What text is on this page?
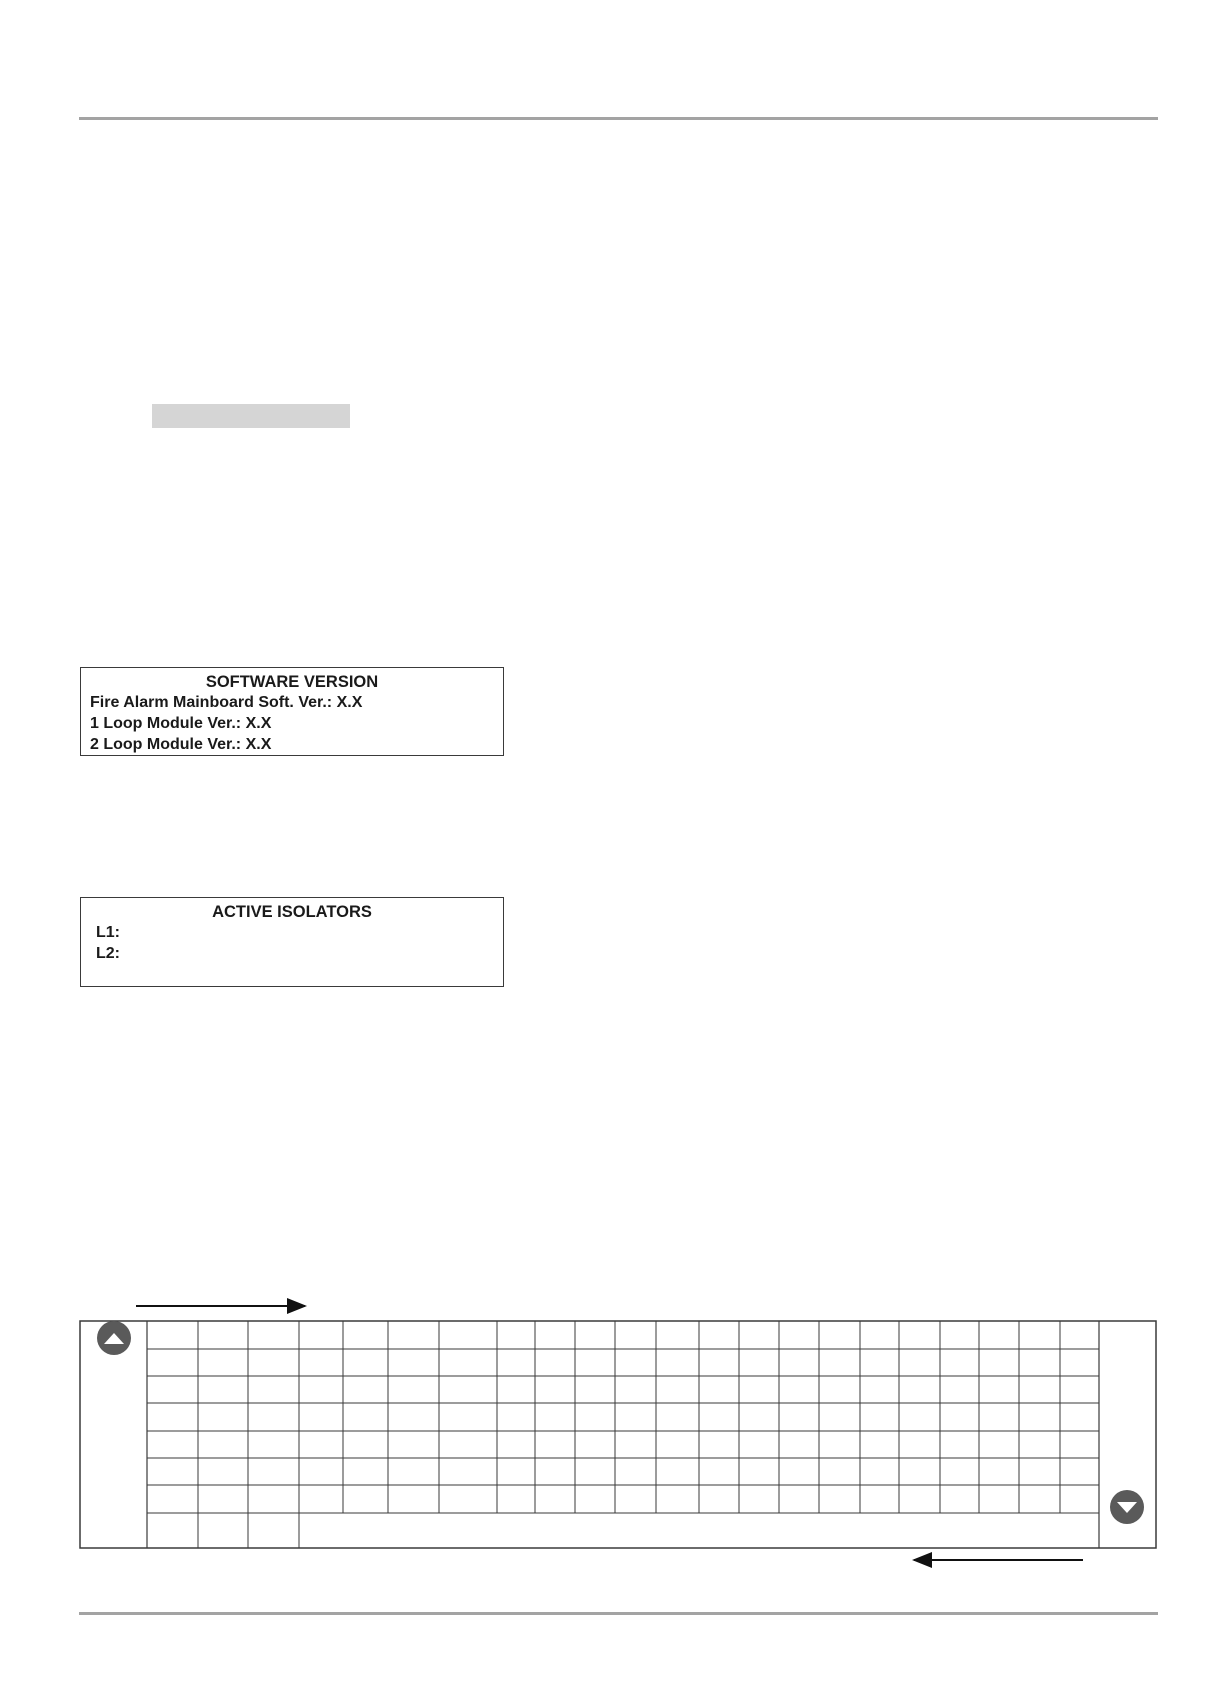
SOFTWARE VERSION
Fire Alarm Mainboard Soft. Ver.: X.X
1 Loop Module Ver.: X.X
2 Loop Module Ver.: X.X
ACTIVE ISOLATORS
L1:
L2:
